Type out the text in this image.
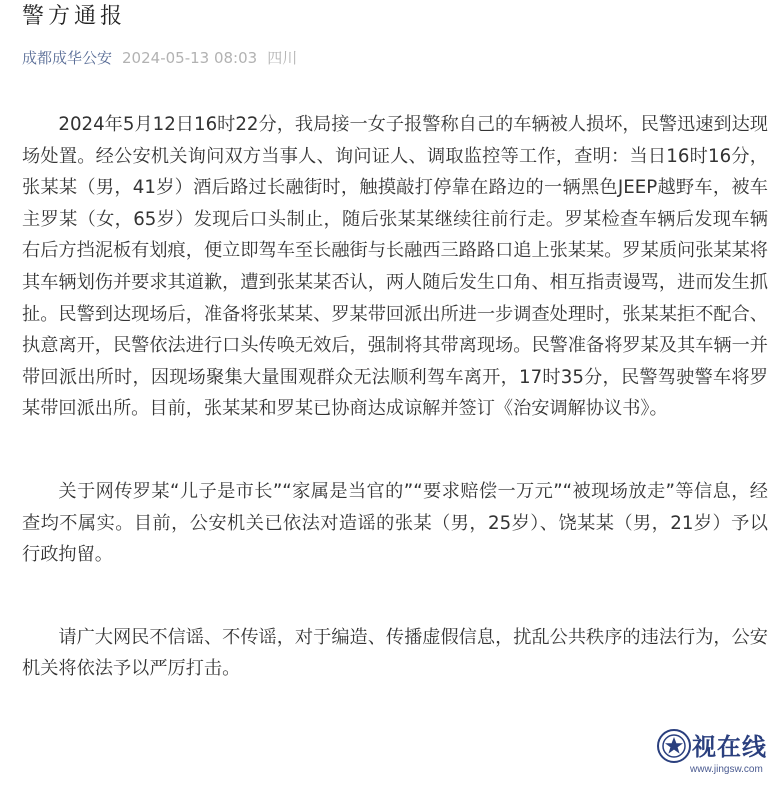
警方通报
成都成华公安 2024-05-13 08:03 四川

2024年5月12日16时22分，我局接一女子报警称自己的车辆被人损坏，民警迅速到达现场处置。经公安机关询问双方当事人、询问证人、调取监控等工作，查明：当日16时16分，张某某（男，41岁）酒后路过长融街时，触摸敲打停靠在路边的一辆黑色JEEP越野车，被车主罗某（女，65岁）发现后口头制止，随后张某某继续往前行走。罗某检查车辆后发现车辆右后方挡泥板有划痕，便立即驾车至长融街与长融西三路路口追上张某某。罗某质问张某某将其车辆划伤并要求其道歉，遭到张某某否认，两人随后发生口角、相互指责谩骂，进而发生抓扯。民警到达现场后，准备将张某某、罗某带回派出所进一步调查处理时，张某某拒不配合、执意离开，民警依法进行口头传唤无效后，强制将其带离现场。民警准备将罗某及其车辆一并带回派出所时，因现场聚集大量围观群众无法顺利驾车离开，17时35分，民警驾驶警车将罗某带回派出所。目前，张某某和罗某已协商达成谅解并签订《治安调解协议书》。

关于网传罗某“儿子是市长”“家属是当官的”“要求赔偿一万元”“被现场放走”等信息，经查均不属实。目前，公安机关已依法对造谣的张某（男，25岁）、饶某某（男，21岁）予以行政拘留。

请广大网民不信谣、不传谣，对于编造、传播虚假信息，扰乱公共秩序的违法行为，公安机关将依法予以严厉打击。

视在线
www.jingsw.com
